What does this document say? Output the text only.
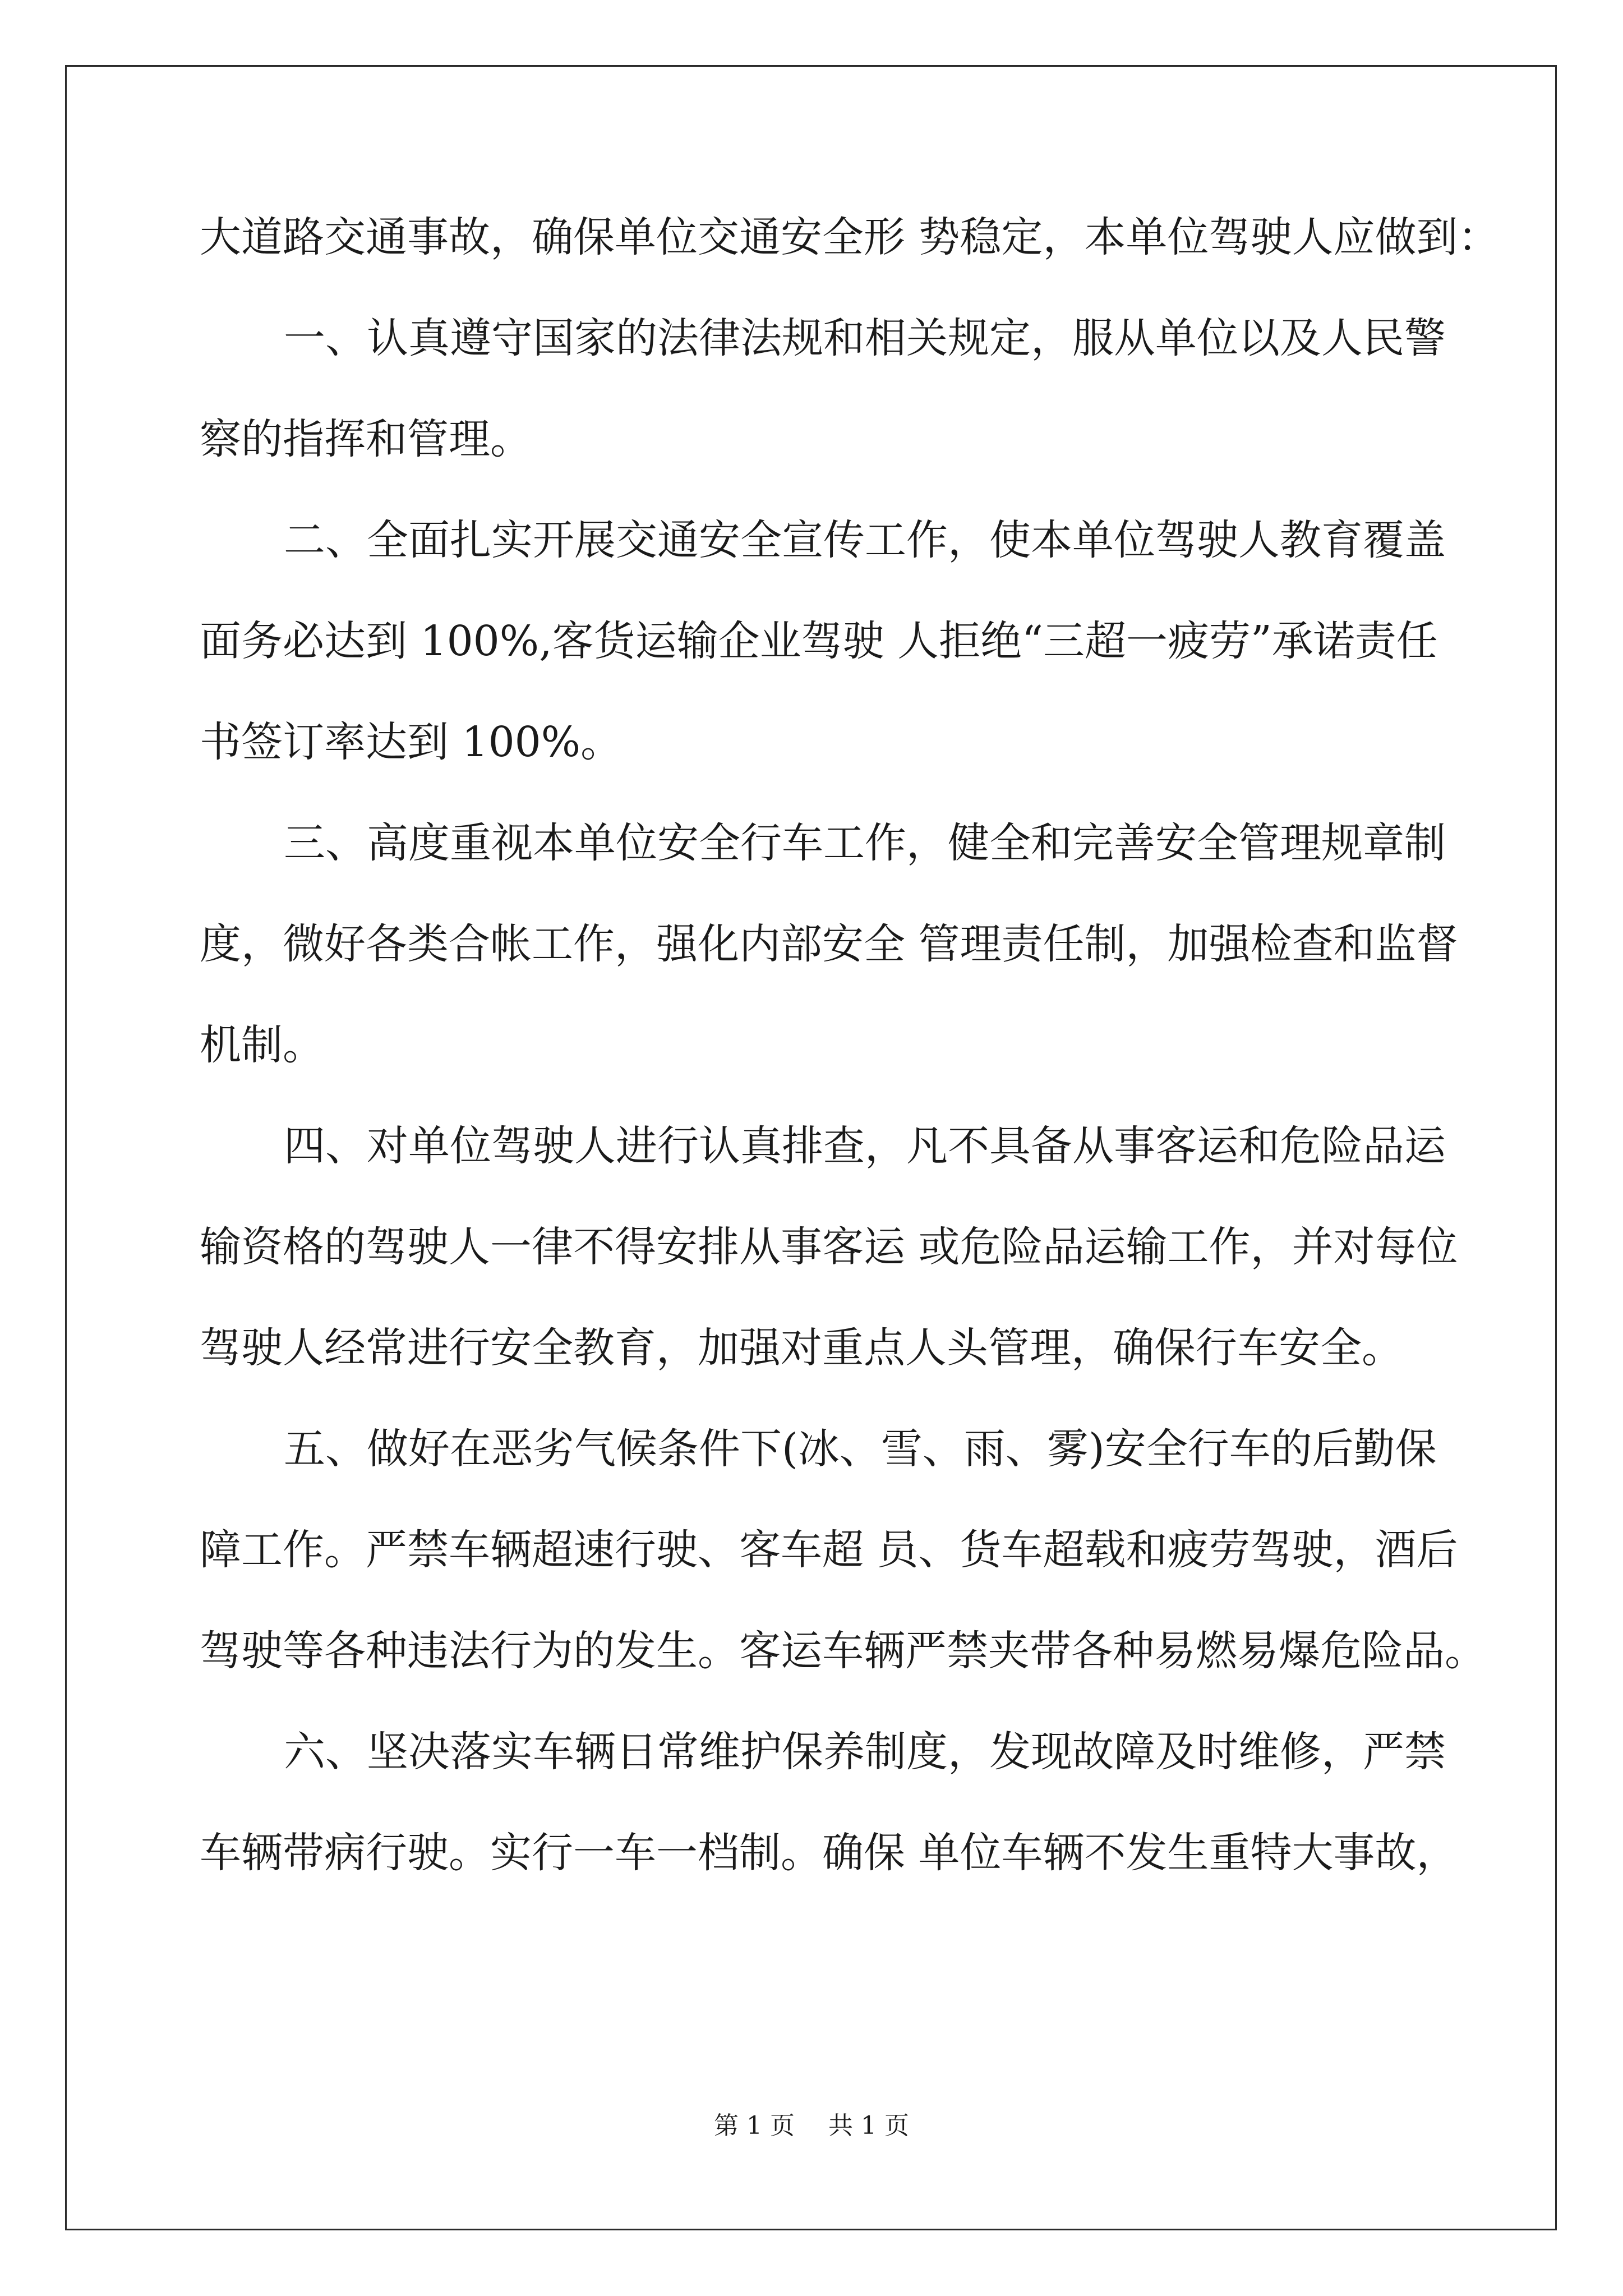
大道路交通事故，确保单位交通安全形 势稳定，本单位驾驶人应做到：
一、认真遵守国家的法律法规和相关规定，服从单位以及人民警
察的指挥和管理。
二、全面扎实开展交通安全宣传工作，使本单位驾驶人教育覆盖
面务必达到 100%,客货运输企业驾驶 人拒绝“三超一疲劳”承诺责任
书签订率达到 100%。
三、高度重视本单位安全行车工作，健全和完善安全管理规章制
度，微好各类合帐工作，强化内部安全 管理责任制，加强检查和监督
机制。
四、对单位驾驶人进行认真排查，凡不具备从事客运和危险品运
输资格的驾驶人一律不得安排从事客运 或危险品运输工作，并对每位
驾驶人经常进行安全教育，加强对重点人头管理，确保行车安全。
五、做好在恶劣气候条件下(冰、雪、雨、雾)安全行车的后勤保
障工作。严禁车辆超速行驶、客车超 员、货车超载和疲劳驾驶，酒后
驾驶等各种违法行为的发生。客运车辆严禁夹带各种易燃易爆危险品。
六、坚决落实车辆日常维护保养制度，发现故障及时维修，严禁
车辆带病行驶。实行一车一档制。确保 单位车辆不发生重特大事故，
第 1 页 共 1 页
